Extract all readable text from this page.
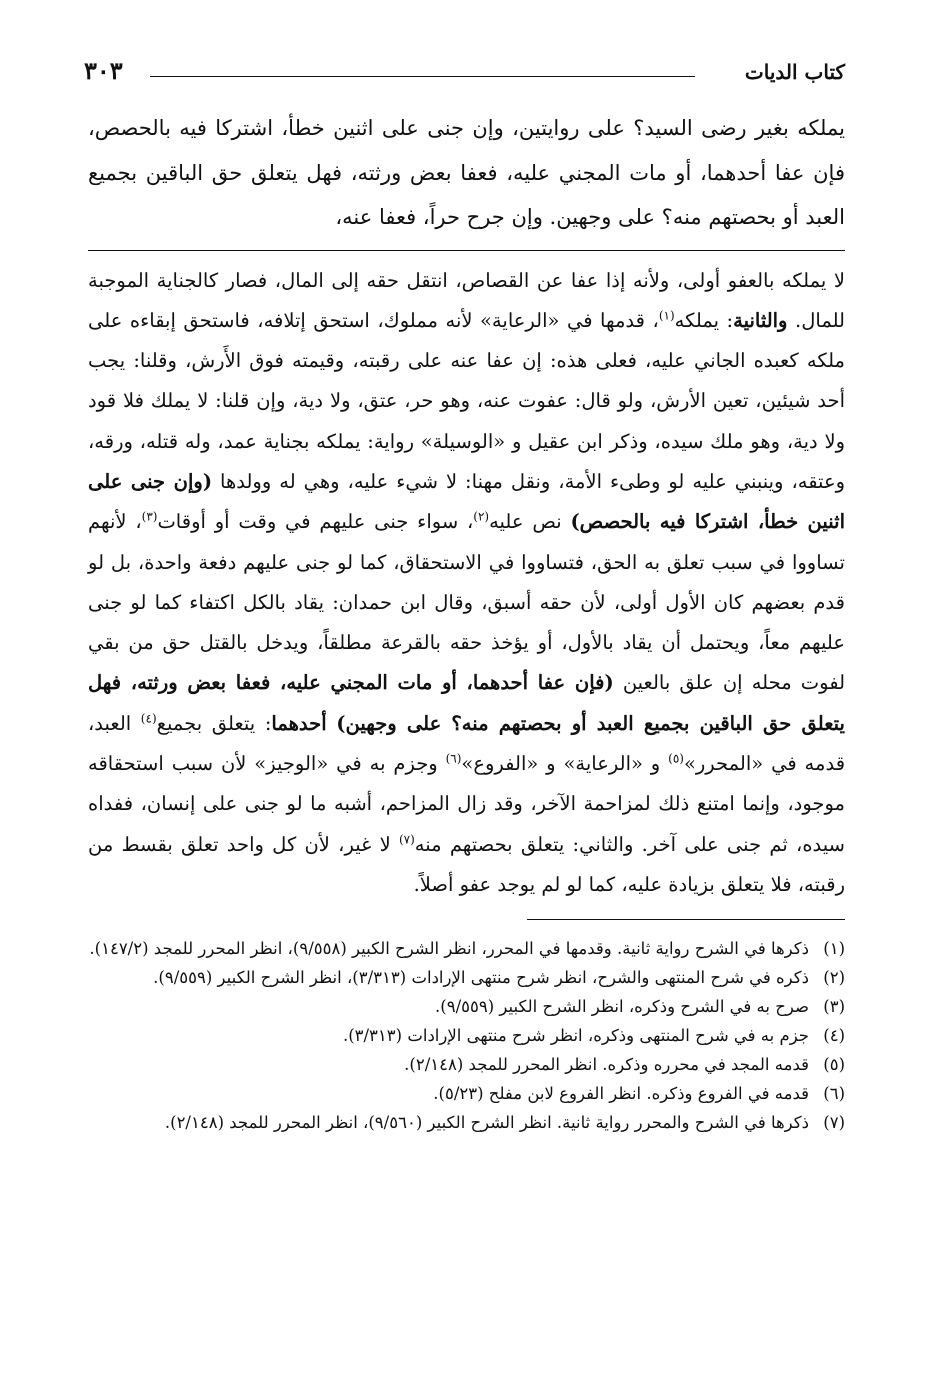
كتاب الديات
٣٠٣
يملكه بغير رضى السيد؟ على روايتين، وإن جنى على اثنين خطأ، اشتركا فيه بالحصص، فإن عفا أحدهما، أو مات المجني عليه، فعفا بعض ورثته، فهل يتعلق حق الباقين بجميع العبد أو بحصتهم منه؟ على وجهين. وإن جرح حراً، فعفا عنه،
لا يملكه بالعفو أولى، ولأنه إذا عفا عن القصاص، انتقل حقه إلى المال، فصار كالجناية الموجبة للمال. والثانية: يملكه$^{(١)}$، قدمها في «الرعاية» لأنه مملوك، استحق إتلافه، فاستحق إبقاءه على ملكه كعبده الجاني عليه، فعلى هذه: إن عفا عنه على رقبته، وقيمته فوق الأَرش، وقلنا: يجب أحد شيئين، تعين الأرش، ولو قال: عفوت عنه، وهو حر، عتق، ولا دية، وإن قلنا: لا يملك فلا قود ولا دية، وهو ملك سيده، وذكر ابن عقيل و «الوسيلة» رواية: يملكه بجناية عمد، وله قتله، ورقه، وعتقه، وينبني عليه لو وطىء الأمة، ونقل مهنا: لا شيء عليه، وهي له وولدها (وإن جنى على اثنين خطأ، اشتركا فيه بالحصص) نص عليه$^{(٢)}$، سواء جنى عليهم في وقت أو أوقات$^{(٣)}$، لأنهم تساووا في سبب تعلق به الحق، فتساووا في الاستحقاق، كما لو جنى عليهم دفعة واحدة، بل لو قدم بعضهم كان الأول أولى، لأن حقه أسبق، وقال ابن حمدان: يقاد بالكل اكتفاء كما لو جنى عليهم معاً، ويحتمل أن يقاد بالأول، أو يؤخذ حقه بالقرعة مطلقاً، ويدخل بالقتل حق من بقي لفوت محله إن علق بالعين (فإن عفا أحدهما، أو مات المجني عليه، فعفا بعض ورثته، فهل يتعلق حق الباقين بجميع العبد أو بحصتهم منه؟ على وجهين) أحدهما: يتعلق بجميع$^{(٤)}$ العبد، قدمه في «المحرر»$^{(٥)}$ و «الرعاية» و «الفروع»$^{(٦)}$ وجزم به في «الوجيز» لأن سبب استحقاقه موجود، وإنما امتنع ذلك لمزاحمة الآخر، وقد زال المزاحم، أشبه ما لو جنى على إنسان، ففداه سيده، ثم جنى على آخر. والثاني: يتعلق بحصتهم منه$^{(٧)}$ لا غير، لأن كل واحد تعلق بقسط من رقبته، فلا يتعلق بزيادة عليه، كما لو لم يوجد عفو أصلاً.
(١)
ذكرها في الشرح رواية ثانية. وقدمها في المحرر، انظر الشرح الكبير (٩/٥٥٨)، انظر المحرر للمجد (١٤٧/٢).
(٢)
ذكره في شرح المنتهى والشرح، انظر شرح منتهى الإرادات (٣/٣١٣)، انظر الشرح الكبير (٩/٥٥٩).
(٣)
صرح به في الشرح وذكره، انظر الشرح الكبير (٩/٥٥٩).
(٤)
جزم به في شرح المنتهى وذكره، انظر شرح منتهى الإرادات (٣/٣١٣).
(٥)
قدمه المجد في محرره وذكره. انظر المحرر للمجد (٢/١٤٨).
(٦)
قدمه في الفروع وذكره. انظر الفروع لابن مفلح (٥/٢٣).
(٧)
ذكرها في الشرح والمحرر رواية ثانية. انظر الشرح الكبير (٩/٥٦٠)، انظر المحرر للمجد (٢/١٤٨).
